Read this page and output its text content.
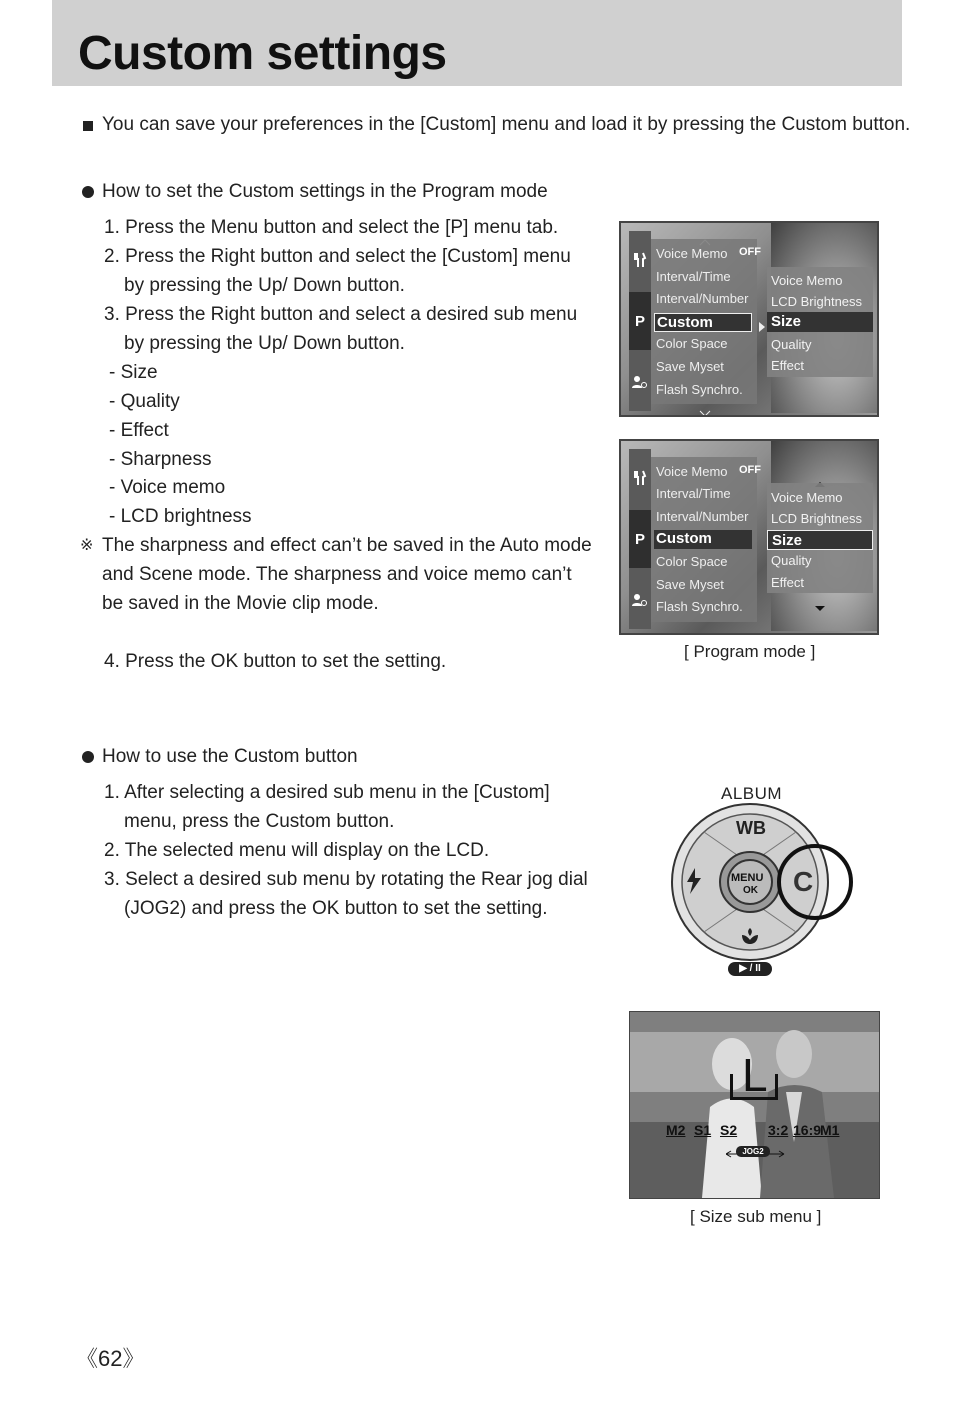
Custom settings
You can save your preferences in the [Custom] menu and load it by pressing the Custom button.
How to set the Custom settings in the Program mode
1. Press the Menu button and select the [P] menu tab.
2. Press the Right button and select the [Custom] menu
by pressing the Up/ Down button.
3. Press the Right button and select a desired sub menu
by pressing the Up/ Down button.
- Size
- Quality
- Effect
- Sharpness
- Voice memo
- LCD brightness
※ The sharpness and effect can’t be saved in the Auto mode
and Scene mode. The sharpness and voice memo can’t
be saved in the Movie clip mode.
4. Press the OK button to set the setting.
P
Voice Memo OFF
Interval/Time
Interval/Number
Custom
Color Space
Save Myset
Flash Synchro.
Voice Memo
LCD Brightness
Size
Quality
Effect
P
Voice Memo OFF
Interval/Time
Interval/Number
Custom
Color Space
Save Myset
Flash Synchro.
Voice Memo
LCD Brightness
Size
Quality
Effect
[ Program mode ]
How to use the Custom button
1. After selecting a desired sub menu in the [Custom]
menu, press the Custom button.
2. The selected menu will display on the LCD.
3. Select a desired sub menu by rotating the Rear jog dial
(JOG2) and press the OK button to set the setting.
ALBUM
WB
MENU
OK C
▶ / II
L
M2 S1 S2 3:2 16:9
M1
JOG2
[ Size sub menu ]
《62》
